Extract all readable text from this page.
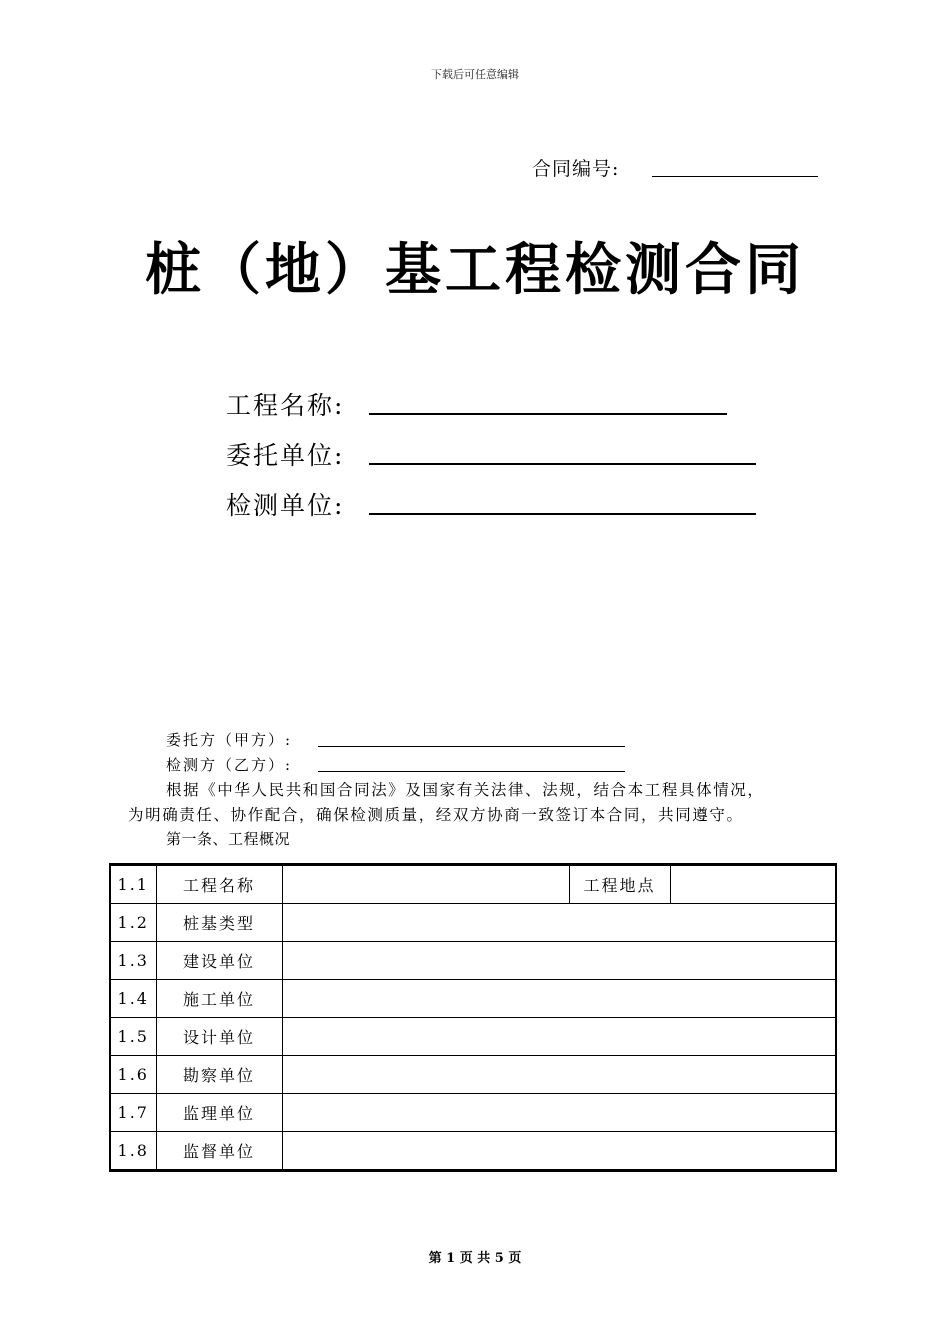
下载后可任意编辑
合同编号:
桩（地）基工程检测合同
工程名称:
委托单位:
检测单位:
委托方（甲方）:
检测方（乙方）:
根据《中华人民共和国合同法》及国家有关法律、法规，结合本工程具体情况，
为明确责任、协作配合，确保检测质量，经双方协商一致签订本合同，共同遵守。
第一条、工程概况
1.1	工程名称		工程地点	
1.2	桩基类型			
1.3	建设单位			
1.4	施工单位			
1.5	设计单位			
1.6	勘察单位			
1.7	监理单位			
1.8	监督单位			
第 1 页 共 5 页
